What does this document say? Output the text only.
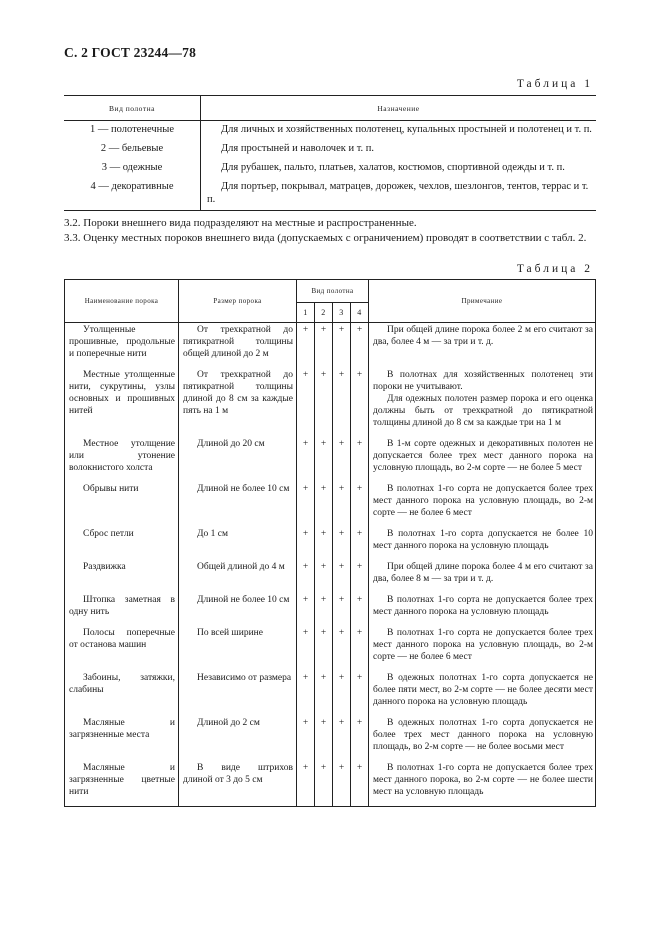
С. 2 ГОСТ 23244—78
Таблица 1
Вид полотна	Назначение
1 — полотенечные	Для личных и хозяйственных полотенец, купальных простыней и полотенец и т. п.
2 — бельевые	Для простыней и наволочек и т. п.
3 — одежные	Для рубашек, пальто, платьев, халатов, костюмов, спортивной одежды и т. п.
4 — декоративные	Для портьер, покрывал, матрацев, дорожек, чехлов, шезлонгов, тентов, террас и т. п.
3.2. Пороки внешнего вида подразделяют на местные и распространенные.
3.3. Оценку местных пороков внешнего вида (допускаемых с ограничением) проводят в соответствии с табл. 2.
Таблица 2
Наименование порока	Размер порока	Вид полотна				Примечание
		1	2	3	4	

Утолщенные прошивные, продольные и поперечные нити	От трехкратной до пятикратной толщины общей длиной до 2 м	+	+	+	+	При общей длине порока более 2 м его считают за два, более 4 м — за три и т. д.

Местные утолщенные нити, сукрутины, узлы основных и прошивных нитей	От трехкратной до пятикратной толщины длиной до 8 см за каждые пять на 1 м	+	+	+	+	В полотнах для хозяйственных полотенец эти пороки не учитывают.
Для одежных полотен размер порока и его оценка должны быть от трехкратной до пятикратной толщины длиной до 8 см за каждые три на 1 м

Местное утолщение или утонение волокнистого холста	Длиной до 20 см	+	+	+	+	В 1-м сорте одежных и декоративных полотен не допускается более трех мест данного порока на условную площадь, во 2-м сорте — не более 5 мест

Обрывы нити	Длиной не более 10 см	+	+	+	+	В полотнах 1-го сорта не допускается более трех мест данного порока на условную площадь, во 2-м сорте — не более 6 мест

Сброс петли	До 1 см	+	+	+	+	В полотнах 1-го сорта допускается не более 10 мест данного порока на условную площадь

Раздвижка	Общей длиной до 4 м	+	+	+	+	При общей длине порока более 4 м его считают за два, более 8 м — за три и т. д.

Штопка заметная в одну нить	Длиной не более 10 см	+	+	+	+	В полотнах 1-го сорта не допускается более трех мест данного порока на условную площадь

Полосы поперечные от останова машин	По всей ширине	+	+	+	+	В полотнах 1-го сорта не допускается более трех мест данного порока на условную площадь, во 2-м сорте — не более 6 мест

Забоины, затяжки, слабины	Независимо от размера	+	+	+	+	В одежных полотнах 1-го сорта допускается не более пяти мест, во 2-м сорте — не более десяти мест данного порока на условную площадь

Масляные и загрязненные места	Длиной до 2 см	+	+	+	+	В одежных полотнах 1-го сорта допускается не более трех мест данного порока на условную площадь, во 2-м сорте — не более восьми мест

Масляные и загрязненные цветные нити	В виде штрихов длиной от 3 до 5 см	+	+	+	+	В полотнах 1-го сорта не допускается более трех мест данного порока, во 2-м сорте — не более шести мест на условную площадь
